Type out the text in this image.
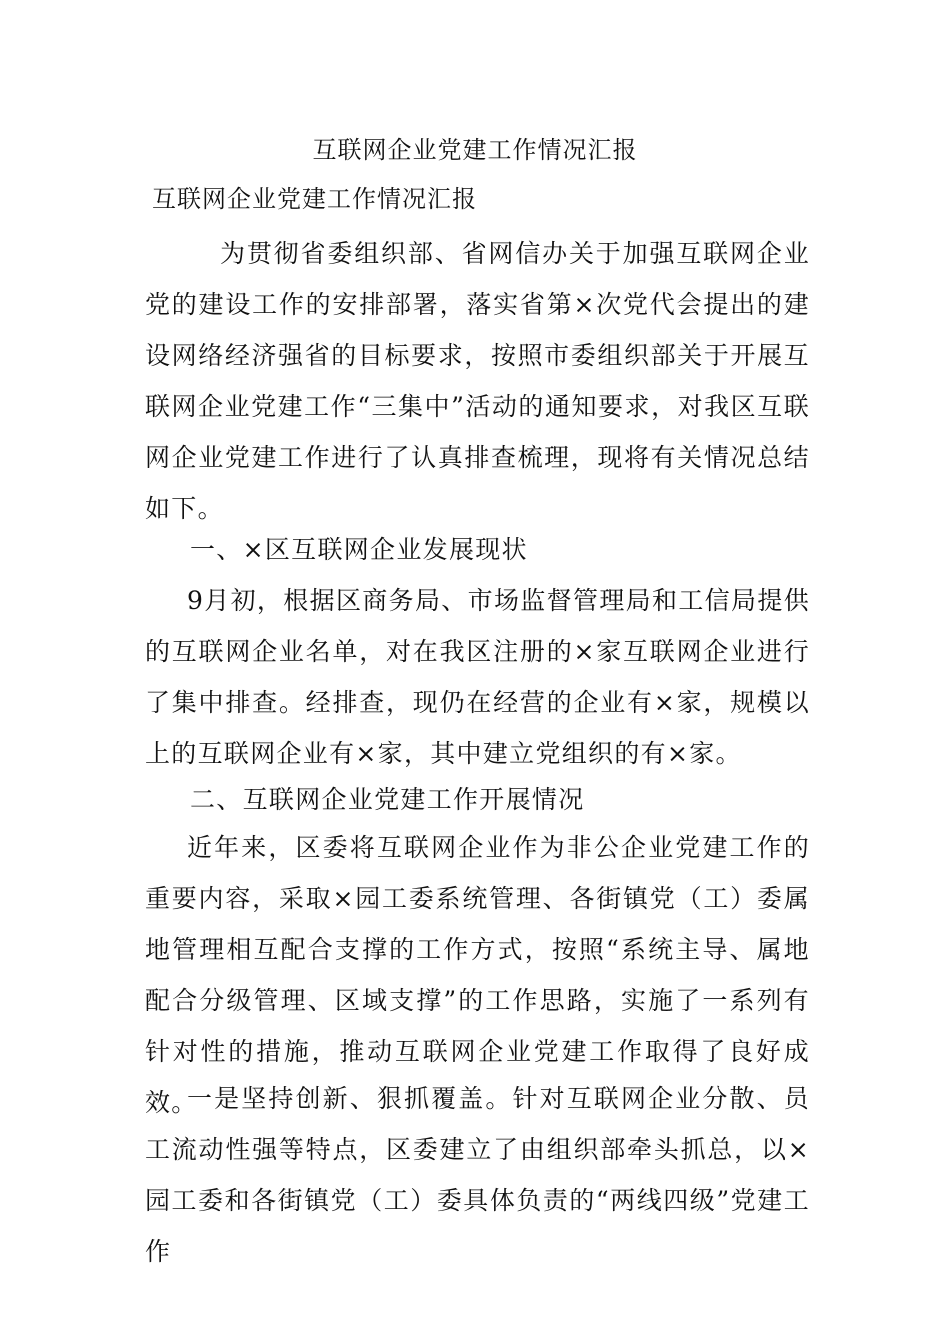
互联网企业党建工作情况汇报
互联网企业党建工作情况汇报
为贯彻省委组织部、省网信办关于加强互联网企业党的建设工作的安排部署，落实省第×次党代会提出的建设网络经济强省的目标要求，按照市委组织部关于开展互联网企业党建工作“三集中”活动的通知要求，对我区互联网企业党建工作进行了认真排查梳理，现将有关情况总结如下。
一、×区互联网企业发展现状
9月初，根据区商务局、市场监督管理局和工信局提供的互联网企业名单，对在我区注册的×家互联网企业进行了集中排查。经排查，现仍在经营的企业有×家，规模以上的互联网企业有×家，其中建立党组织的有×家。
二、互联网企业党建工作开展情况
近年来，区委将互联网企业作为非公企业党建工作的重要内容，采取×园工委系统管理、各街镇党（工）委属地管理相互配合支撑的工作方式，按照“系统主导、属地配合分级管理、区域支撑”的工作思路，实施了一系列有针对性的措施，推动互联网企业党建工作取得了良好成效。
一是坚持创新、狠抓覆盖。针对互联网企业分散、员工流动性强等特点，区委建立了由组织部牵头抓总，以×园工委和各街镇党（工）委具体负责的“两线四级”党建工作
